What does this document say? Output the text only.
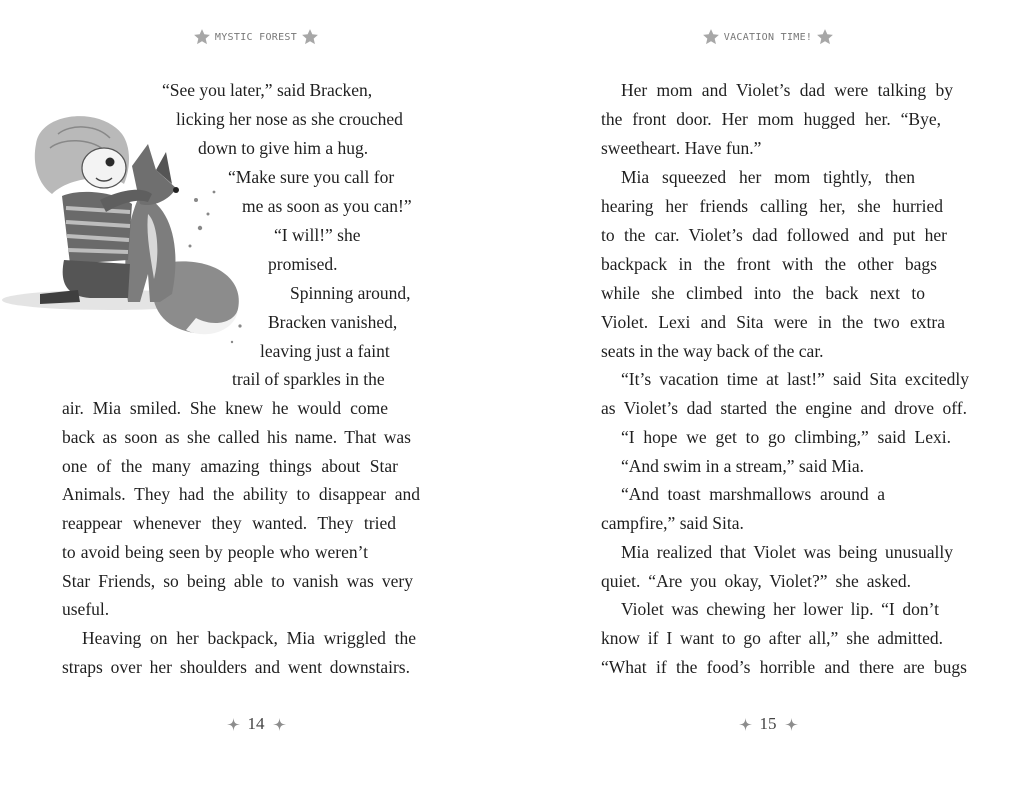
MYSTIC FOREST
“See you later,” said Bracken,
licking her nose as she crouched
down to give him a hug.
“Make sure you call for
me as soon as you can!”
“I will!” she
promised.
Spinning around,
Bracken vanished,
leaving just a faint
trail of sparkles in the
air. Mia smiled. She knew he would come
back as soon as she called his name. That was
one of the many amazing things about Star
Animals. They had the ability to disappear and
reappear whenever they wanted. They tried
to avoid being seen by people who weren’t
Star Friends, so being able to vanish was very
useful.
Heaving on her backpack, Mia wriggled the
straps over her shoulders and went downstairs.
14
VACATION TIME!
Her mom and Violet’s dad were talking by
the front door. Her mom hugged her. “Bye,
sweetheart. Have fun.”
Mia squeezed her mom tightly, then
hearing her friends calling her, she hurried
to the car. Violet’s dad followed and put her
backpack in the front with the other bags
while she climbed into the back next to
Violet. Lexi and Sita were in the two extra
seats in the way back of the car.
“It’s vacation time at last!” said Sita excitedly
as Violet’s dad started the engine and drove off.
“I hope we get to go climbing,” said Lexi.
“And swim in a stream,” said Mia.
“And toast marshmallows around a
campfire,” said Sita.
Mia realized that Violet was being unusually
quiet. “Are you okay, Violet?” she asked.
Violet was chewing her lower lip. “I don’t
know if I want to go after all,” she admitted.
“What if the food’s horrible and there are bugs
15
